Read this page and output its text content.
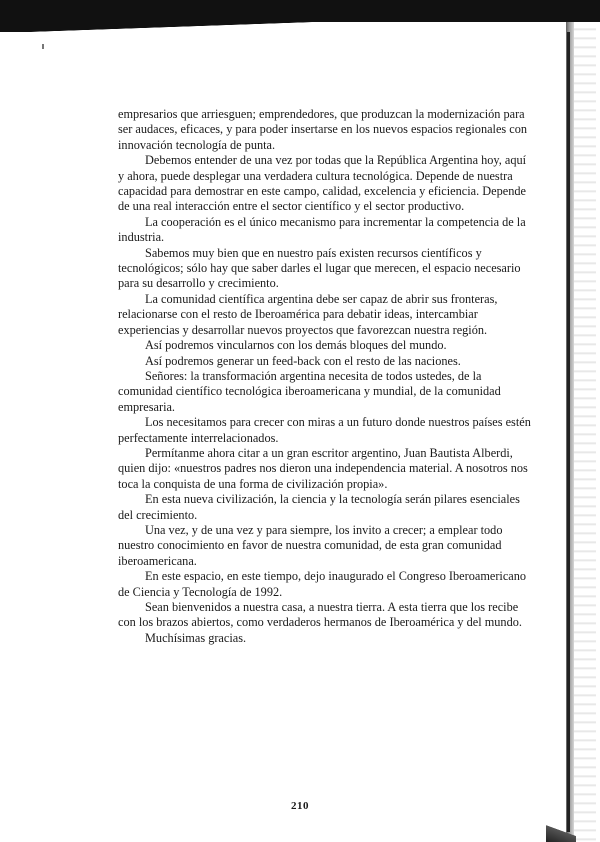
empresarios que arriesguen; emprendedores, que produzcan la modernización para ser audaces, eficaces, y para poder insertarse en los nuevos espacios regionales con innovación tecnología de punta.

Debemos entender de una vez por todas que la República Argentina hoy, aquí y ahora, puede desplegar una verdadera cultura tecnológica. Depende de nuestra capacidad para demostrar en este campo, calidad, excelencia y eficiencia. Depende de una real interacción entre el sector científico y el sector productivo.

La cooperación es el único mecanismo para incrementar la competencia de la industria.

Sabemos muy bien que en nuestro país existen recursos científicos y tecnológicos; sólo hay que saber darles el lugar que merecen, el espacio necesario para su desarrollo y crecimiento.

La comunidad científica argentina debe ser capaz de abrir sus fronteras, relacionarse con el resto de Iberoamérica para debatir ideas, intercambiar experiencias y desarrollar nuevos proyectos que favorezcan nuestra región.

Así podremos vincularnos con los demás bloques del mundo.

Así podremos generar un feed-back con el resto de las naciones.

Señores: la transformación argentina necesita de todos ustedes, de la comunidad científico tecnológica iberoamericana y mundial, de la comunidad empresaria.

Los necesitamos para crecer con miras a un futuro donde nuestros países estén perfectamente interrelacionados.

Permítanme ahora citar a un gran escritor argentino, Juan Bautista Alberdi, quien dijo: «nuestros padres nos dieron una independencia material. A nosotros nos toca la conquista de una forma de civilización propia».

En esta nueva civilización, la ciencia y la tecnología serán pilares esenciales del crecimiento.

Una vez, y de una vez y para siempre, los invito a crecer; a emplear todo nuestro conocimiento en favor de nuestra comunidad, de esta gran comunidad iberoamericana.

En este espacio, en este tiempo, dejo inaugurado el Congreso Iberoamericano de Ciencia y Tecnología de 1992.

Sean bienvenidos a nuestra casa, a nuestra tierra. A esta tierra que los recibe con los brazos abiertos, como verdaderos hermanos de Iberoamérica y del mundo.

Muchísimas gracias.

210
